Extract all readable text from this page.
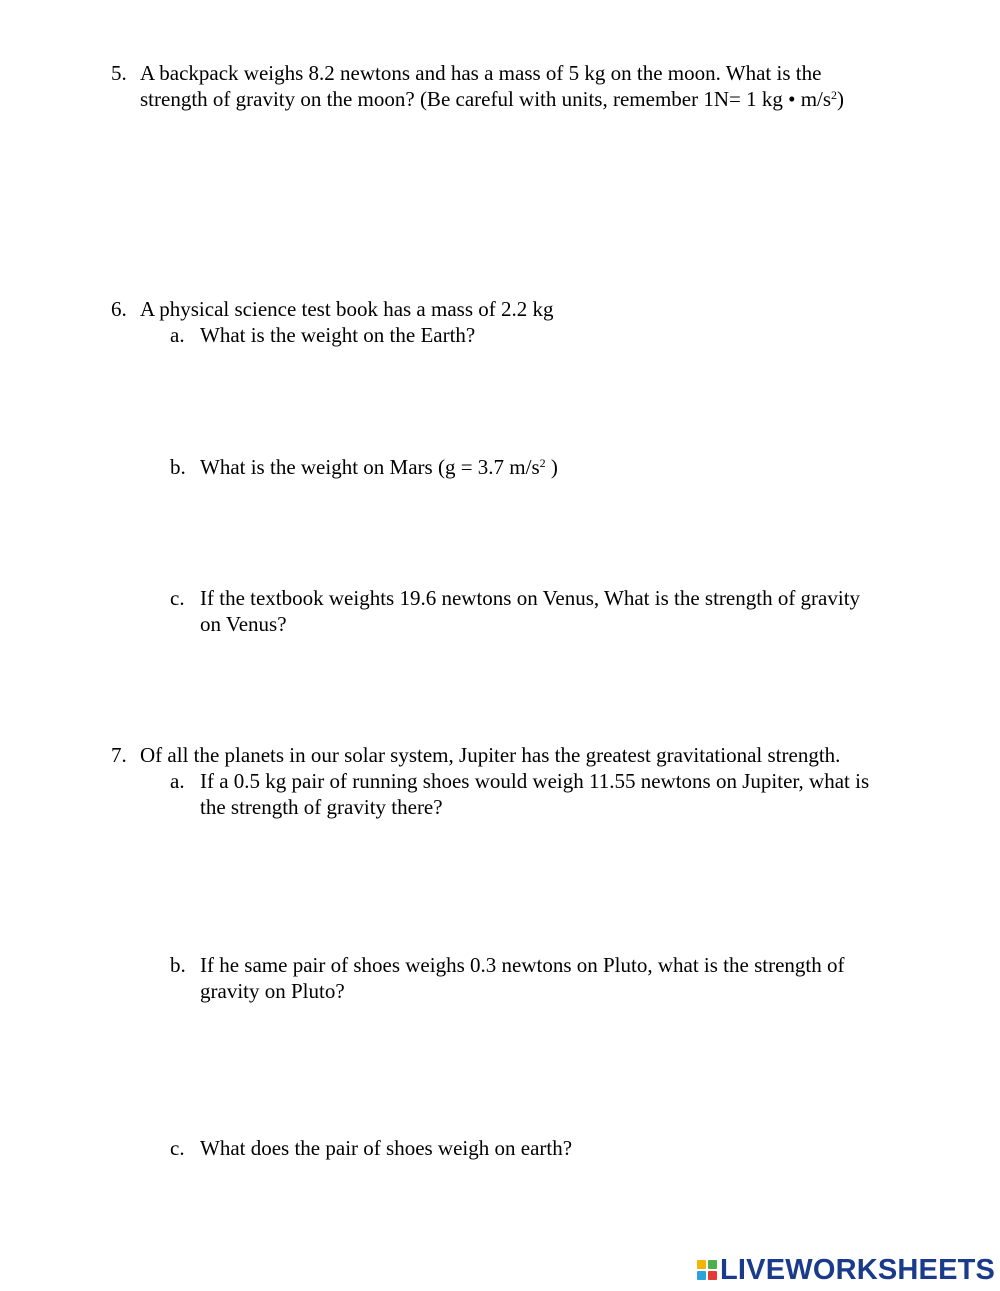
5. A backpack weighs 8.2 newtons and has a mass of 5 kg on the moon. What is the
strength of gravity on the moon? (Be careful with units, remember 1N= 1 kg • $m/s^2$)
6. A physical science test book has a mass of 2.2 kg
a. What is the weight on the Earth?
b. What is the weight on Mars (g = 3.7 $m/s^2$ )
c. If the textbook weights 19.6 newtons on Venus, What is the strength of gravity
on Venus?
7. Of all the planets in our solar system, Jupiter has the greatest gravitational strength.
a. If a 0.5 kg pair of running shoes would weigh 11.55 newtons on Jupiter, what is
the strength of gravity there?
b. If he same pair of shoes weighs 0.3 newtons on Pluto, what is the strength of
gravity on Pluto?
c. What does the pair of shoes weigh on earth?
LIVEWORKSHEETS
